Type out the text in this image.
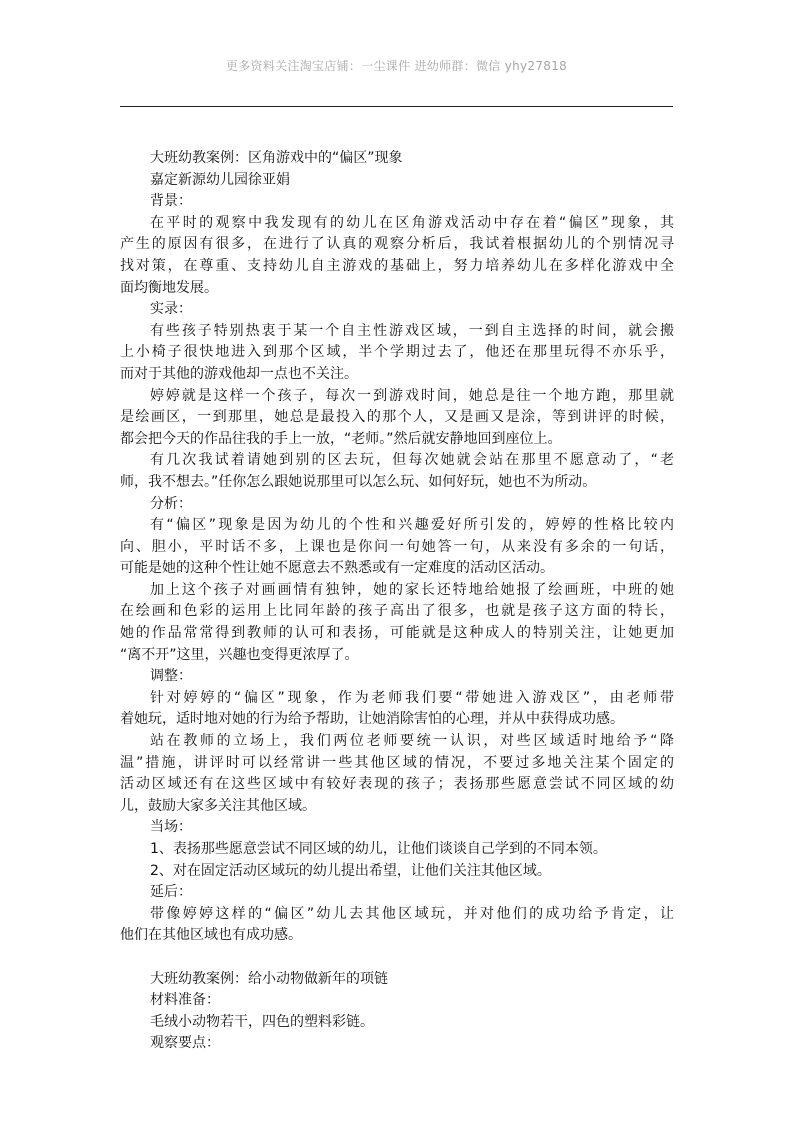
更多资料关注淘宝店铺：一尘课件 进幼师群：微信 yhy27818
大班幼教案例：区角游戏中的“偏区”现象
嘉定新源幼儿园徐亚娟
背景：
在平时的观察中我发现有的幼儿在区角游戏活动中存在着“偏区”现象，其
产生的原因有很多，在进行了认真的观察分析后，我试着根据幼儿的个别情况寻
找对策，在尊重、支持幼儿自主游戏的基础上，努力培养幼儿在多样化游戏中全
面均衡地发展。
实录：
有些孩子特别热衷于某一个自主性游戏区域，一到自主选择的时间，就会搬
上小椅子很快地进入到那个区域，半个学期过去了，他还在那里玩得不亦乐乎，
而对于其他的游戏他却一点也不关注。
婷婷就是这样一个孩子，每次一到游戏时间，她总是往一个地方跑，那里就
是绘画区，一到那里，她总是最投入的那个人，又是画又是涂，等到讲评的时候，
都会把今天的作品往我的手上一放，“老师。”然后就安静地回到座位上。
有几次我试着请她到别的区去玩，但每次她就会站在那里不愿意动了，“老
师，我不想去。”任你怎么跟她说那里可以怎么玩、如何好玩，她也不为所动。
分析：
有“偏区”现象是因为幼儿的个性和兴趣爱好所引发的，婷婷的性格比较内
向、胆小，平时话不多，上课也是你问一句她答一句，从来没有多余的一句话，
可能是她的这种个性让她不愿意去不熟悉或有一定难度的活动区活动。
加上这个孩子对画画情有独钟，她的家长还特地给她报了绘画班，中班的她
在绘画和色彩的运用上比同年龄的孩子高出了很多，也就是孩子这方面的特长，
她的作品常常得到教师的认可和表扬，可能就是这种成人的特别关注，让她更加
“离不开”这里，兴趣也变得更浓厚了。
调整：
针对婷婷的“偏区”现象，作为老师我们要“带她进入游戏区”，由老师带
着她玩，适时地对她的行为给予帮助，让她消除害怕的心理，并从中获得成功感。
站在教师的立场上，我们两位老师要统一认识，对些区域适时地给予“降
温”措施，讲评时可以经常讲一些其他区域的情况，不要过多地关注某个固定的
活动区域还有在这些区域中有较好表现的孩子；表扬那些愿意尝试不同区域的幼
儿，鼓励大家多关注其他区域。
当场：
1、表扬那些愿意尝试不同区域的幼儿，让他们谈谈自己学到的不同本领。
2、对在固定活动区域玩的幼儿提出希望，让他们关注其他区域。
延后：
带像婷婷这样的“偏区”幼儿去其他区域玩，并对他们的成功给予肯定，让
他们在其他区域也有成功感。
大班幼教案例：给小动物做新年的项链
材料准备：
毛绒小动物若干，四色的塑料彩链。
观察要点：
